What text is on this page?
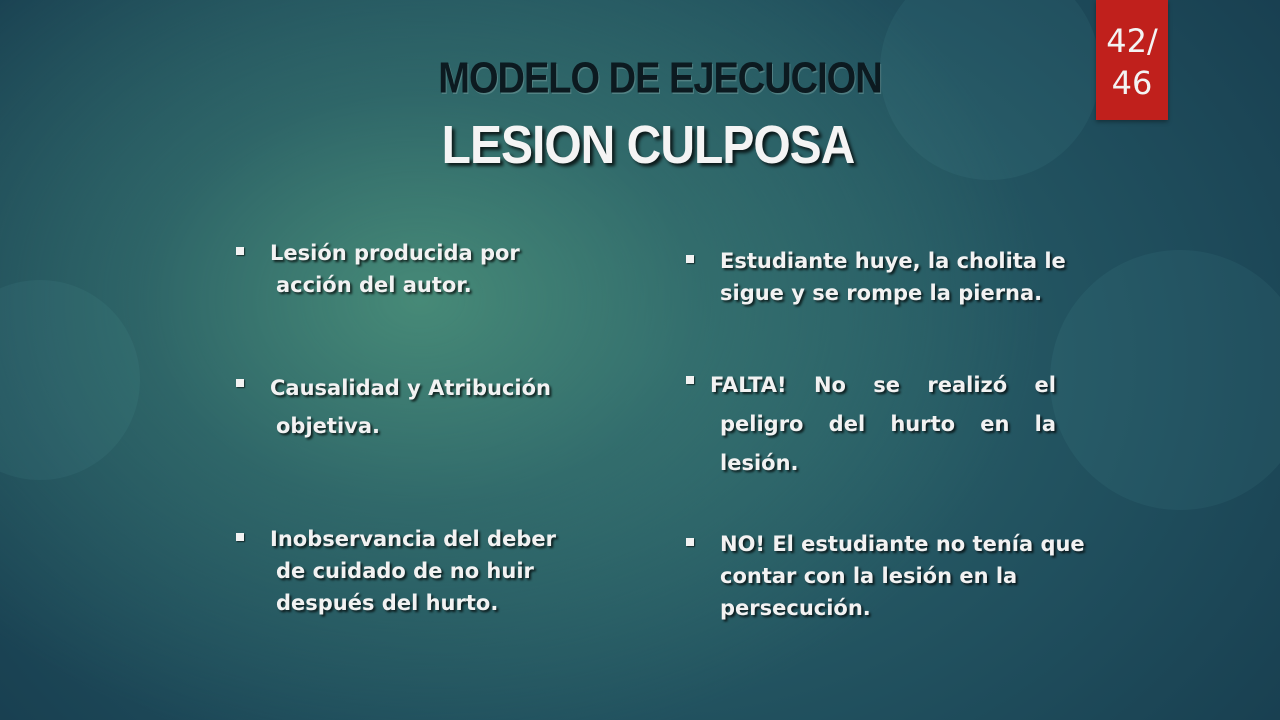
42/
46
MODELO DE EJECUCION
LESION CULPOSA
Lesión producida por
acción del autor.
Causalidad y Atribución
objetiva.
Inobservancia del deber
de cuidado de no huir
después del hurto.
Estudiante huye, la cholita le
sigue y se rompe la pierna.
FALTA! No se realizó el
peligro del hurto en la
lesión.
NO! El estudiante no tenía que
contar con la lesión en la
persecución.
